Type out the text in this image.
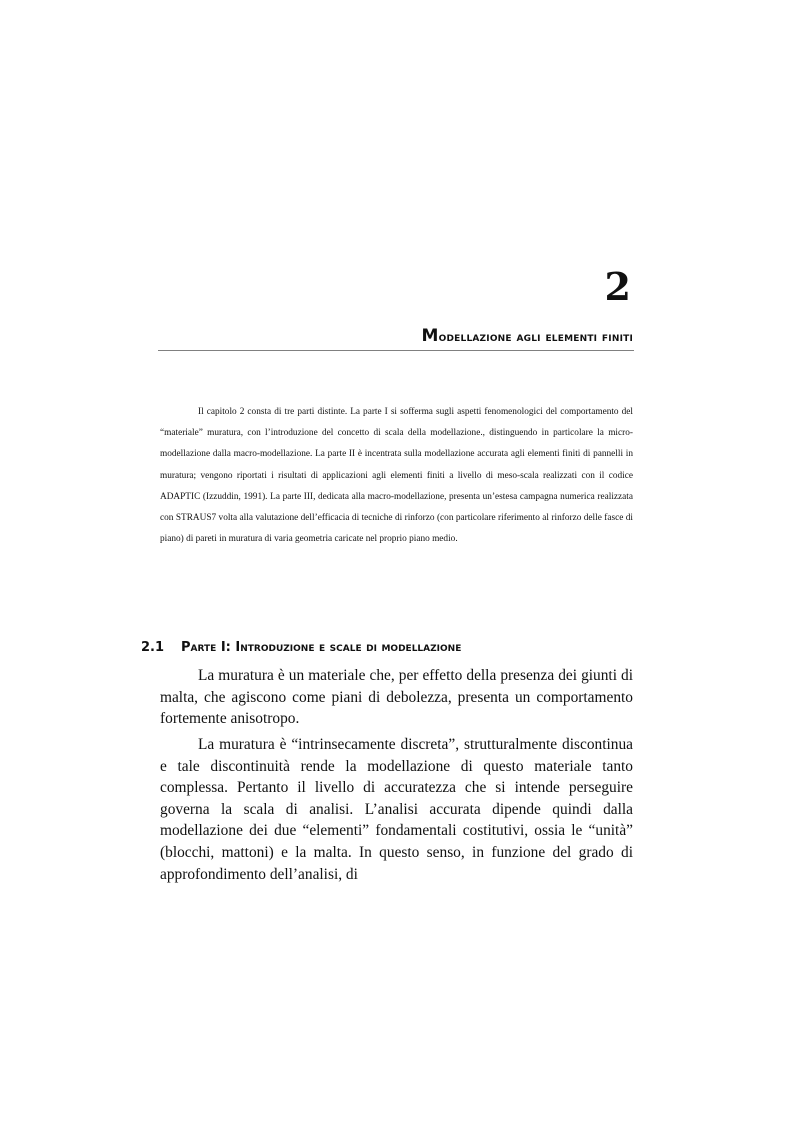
2
Modellazione agli elementi finiti

Il capitolo 2 consta di tre parti distinte. La parte I si sofferma sugli aspetti fenomenologici del comportamento del “materiale” muratura, con l’introduzione del concetto di scala della modellazione., distinguendo in particolare la micro-modellazione dalla macro-modellazione. La parte II è incentrata sulla modellazione accurata agli elementi finiti di pannelli in muratura; vengono riportati i risultati di applicazioni agli elementi finiti a livello di meso-scala realizzati con il codice ADAPTIC (Izzuddin, 1991). La parte III, dedicata alla macro-modellazione, presenta un’estesa campagna numerica realizzata con STRAUS7 volta alla valutazione dell’efficacia di tecniche di rinforzo (con particolare riferimento al rinforzo delle fasce di piano) di pareti in muratura di varia geometria caricate nel proprio piano medio.

2.1 Parte I: Introduzione e scale di modellazione

La muratura è un materiale che, per effetto della presenza dei giunti di malta, che agiscono come piani di debolezza, presenta un comportamento fortemente anisotropo.

La muratura è “intrinsecamente discreta”, strutturalmente discontinua e tale discontinuità rende la modellazione di questo materiale tanto complessa. Pertanto il livello di accuratezza che si intende perseguire governa la scala di analisi. L’analisi accurata dipende quindi dalla modellazione dei due “elementi” fondamentali costitutivi, ossia le “unità” (blocchi, mattoni) e la malta. In questo senso, in funzione del grado di approfondimento dell’analisi, di
